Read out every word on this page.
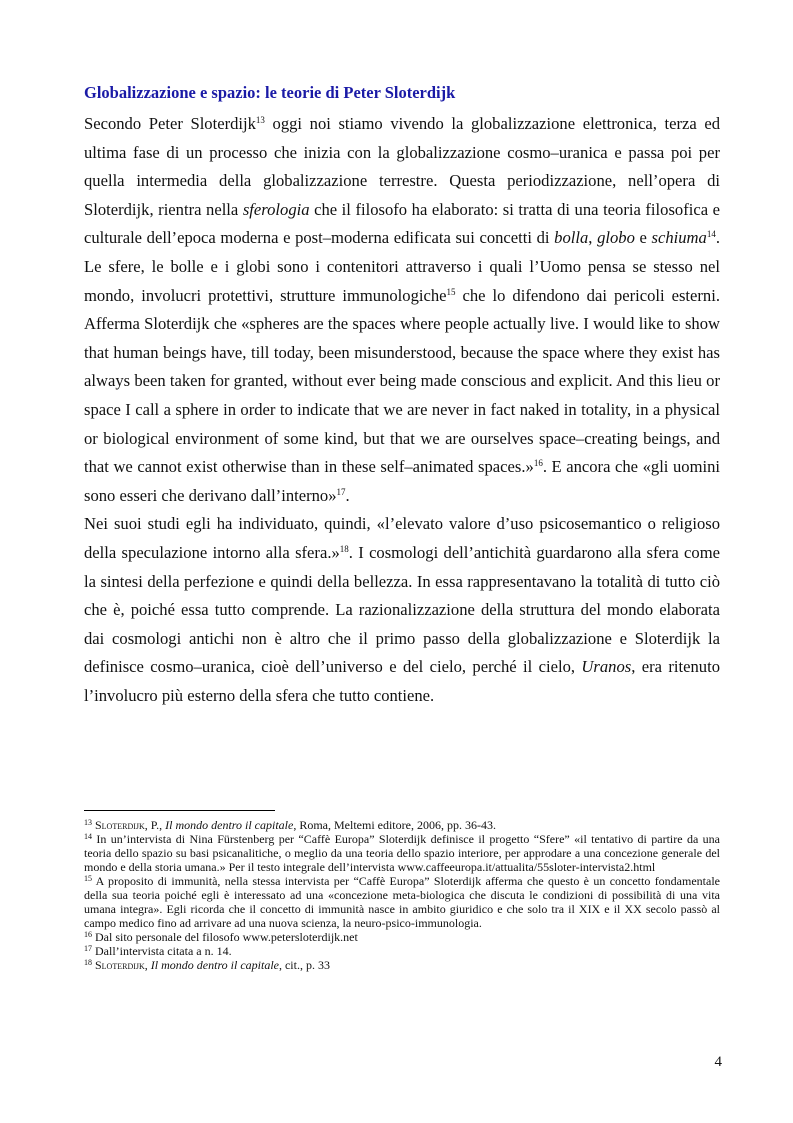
Globalizzazione e spazio: le teorie di Peter Sloterdijk

Secondo Peter Sloterdijk$^{13}$ oggi noi stiamo vivendo la globalizzazione elettronica, terza ed ultima fase di un processo che inizia con la globalizzazione cosmo–uranica e passa poi per quella intermedia della globalizzazione terrestre. Questa periodizzazione, nell’opera di Sloterdijk, rientra nella sferologia che il filosofo ha elaborato: si tratta di una teoria filosofica e culturale dell’epoca moderna e post–moderna edificata sui concetti di bolla, globo e schiuma$^{14}$. Le sfere, le bolle e i globi sono i contenitori attraverso i quali l’Uomo pensa se stesso nel mondo, involucri protettivi, strutture immunologiche$^{15}$ che lo difendono dai pericoli esterni. Afferma Sloterdijk che «spheres are the spaces where people actually live. I would like to show that human beings have, till today, been misunderstood, because the space where they exist has always been taken for granted, without ever being made conscious and explicit. And this lieu or space I call a sphere in order to indicate that we are never in fact naked in totality, in a physical or biological environment of some kind, but that we are ourselves space–creating beings, and that we cannot exist otherwise than in these self–animated spaces.»$^{16}$. E ancora che «gli uomini sono esseri che derivano dall’interno»$^{17}$.

Nei suoi studi egli ha individuato, quindi, «l’elevato valore d’uso psicosemantico o religioso della speculazione intorno alla sfera.»$^{18}$. I cosmologi dell’antichità guardarono alla sfera come la sintesi della perfezione e quindi della bellezza. In essa rappresentavano la totalità di tutto ciò che è, poiché essa tutto comprende. La razionalizzazione della struttura del mondo elaborata dai cosmologi antichi non è altro che il primo passo della globalizzazione e Sloterdijk la definisce cosmo–uranica, cioè dell’universo e del cielo, perché il cielo, Uranos, era ritenuto l’involucro più esterno della sfera che tutto contiene.

$^{13}$ Sloterdijk, P., Il mondo dentro il capitale, Roma, Meltemi editore, 2006, pp. 36-43.

$^{14}$ In un’intervista di Nina Fürstenberg per “Caffè Europa” Sloterdijk definisce il progetto “Sfere” «il tentativo di partire da una teoria dello spazio su basi psicanalitiche, o meglio da una teoria dello spazio interiore, per approdare a una concezione generale del mondo e della storia umana.» Per il testo integrale dell’intervista www.caffeeuropa.it/attualita/55sloter-intervista2.html

$^{15}$ A proposito di immunità, nella stessa intervista per “Caffè Europa” Sloterdijk afferma che questo è un concetto fondamentale della sua teoria poiché egli è interessato ad una «concezione meta-biologica che discuta le condizioni di possibilità di una vita umana integra». Egli ricorda che il concetto di immunità nasce in ambito giuridico e che solo tra il XIX e il XX secolo passò al campo medico fino ad arrivare ad una nuova scienza, la neuro-psico-immunologia.

$^{16}$ Dal sito personale del filosofo www.petersloterdijk.net

$^{17}$ Dall’intervista citata a n. 14.

$^{18}$ Sloterdijk, Il mondo dentro il capitale, cit., p. 33

4
